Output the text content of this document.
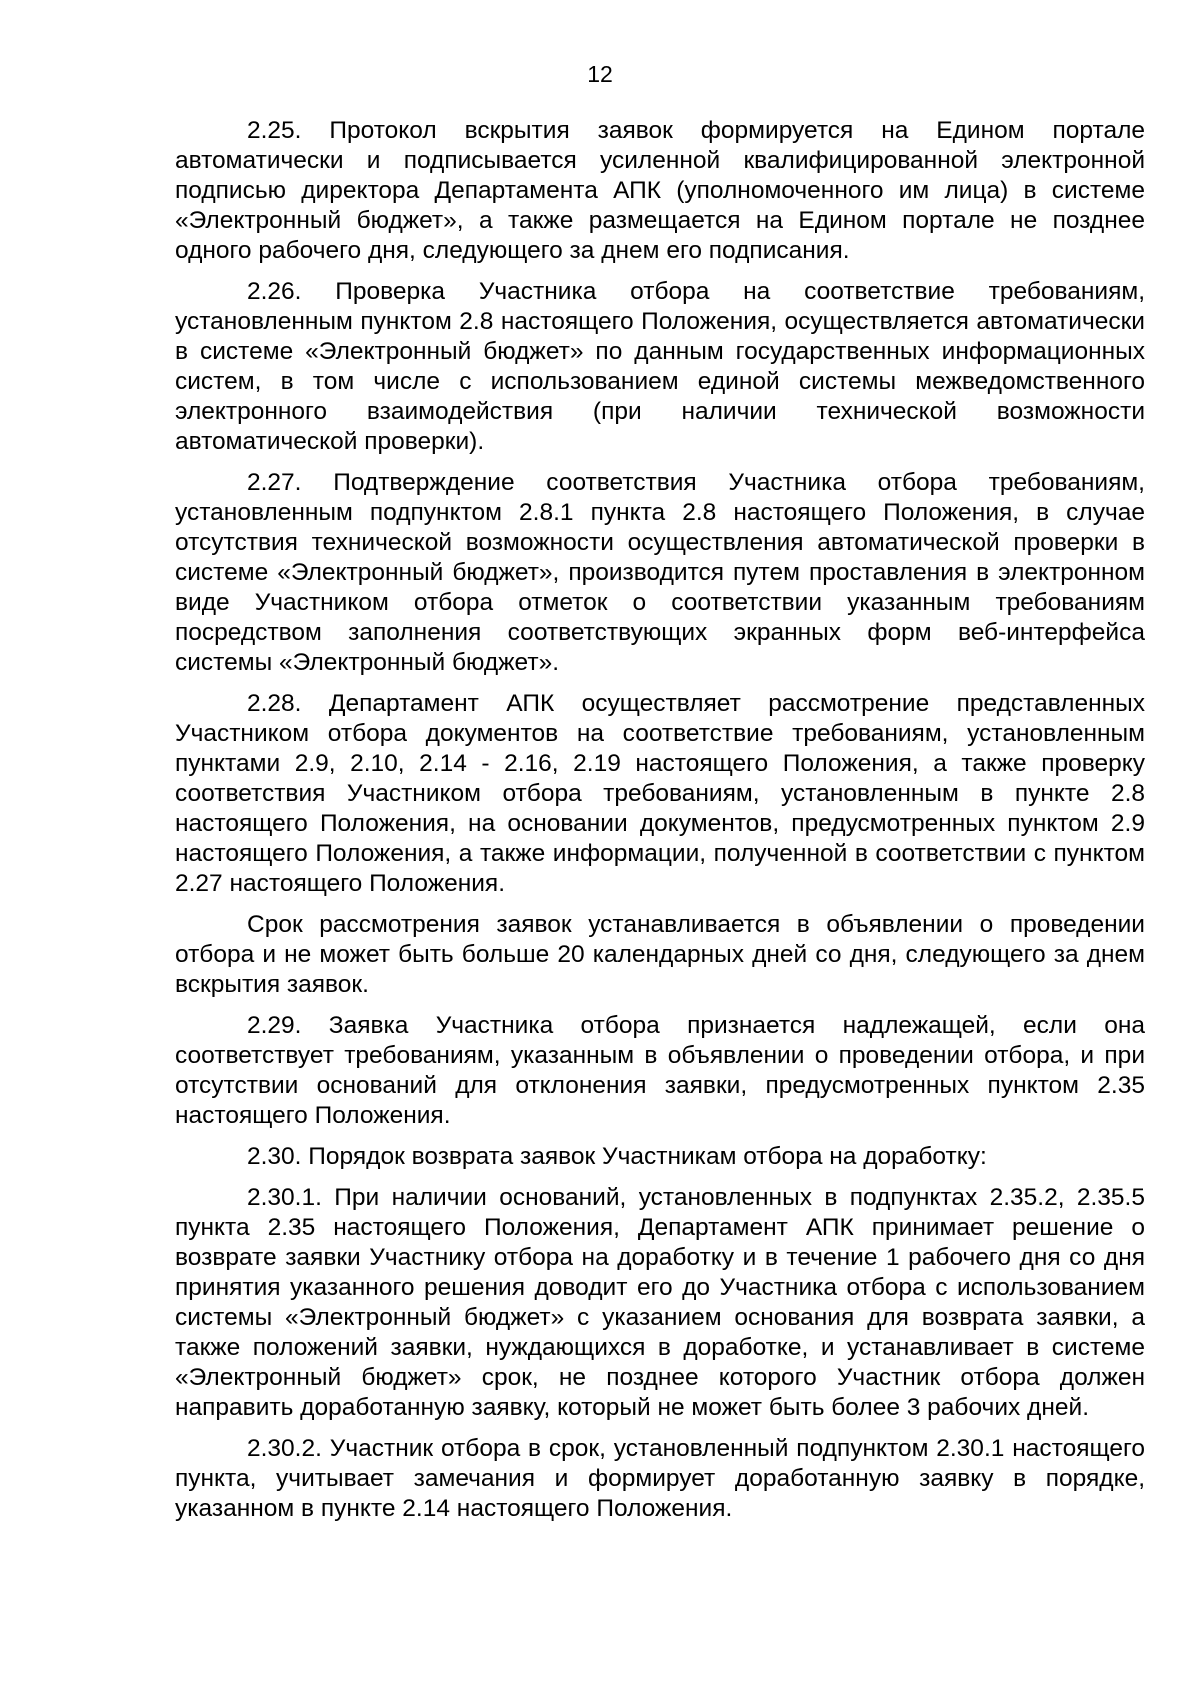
12

2.25. Протокол вскрытия заявок формируется на Едином портале автоматически и подписывается усиленной квалифицированной электронной подписью директора Департамента АПК (уполномоченного им лица) в системе «Электронный бюджет», а также размещается на Едином портале не позднее одного рабочего дня, следующего за днем его подписания.

2.26. Проверка Участника отбора на соответствие требованиям, установленным пунктом 2.8 настоящего Положения, осуществляется автоматически в системе «Электронный бюджет» по данным государственных информационных систем, в том числе с использованием единой системы межведомственного электронного взаимодействия (при наличии технической возможности автоматической проверки).

2.27. Подтверждение соответствия Участника отбора требованиям, установленным подпунктом 2.8.1 пункта 2.8 настоящего Положения, в случае отсутствия технической возможности осуществления автоматической проверки в системе «Электронный бюджет», производится путем проставления в электронном виде Участником отбора отметок о соответствии указанным требованиям посредством заполнения соответствующих экранных форм веб-интерфейса системы «Электронный бюджет».

2.28. Департамент АПК осуществляет рассмотрение представленных Участником отбора документов на соответствие требованиям, установленным пунктами 2.9, 2.10, 2.14 - 2.16, 2.19 настоящего Положения, а также проверку соответствия Участником отбора требованиям, установленным в пункте 2.8 настоящего Положения, на основании документов, предусмотренных пунктом 2.9 настоящего Положения, а также информации, полученной в соответствии с пунктом 2.27 настоящего Положения.

Срок рассмотрения заявок устанавливается в объявлении о проведении отбора и не может быть больше 20 календарных дней со дня, следующего за днем вскрытия заявок.

2.29. Заявка Участника отбора признается надлежащей, если она соответствует требованиям, указанным в объявлении о проведении отбора, и при отсутствии оснований для отклонения заявки, предусмотренных пунктом 2.35 настоящего Положения.

2.30. Порядок возврата заявок Участникам отбора на доработку:

2.30.1. При наличии оснований, установленных в подпунктах 2.35.2, 2.35.5 пункта 2.35 настоящего Положения, Департамент АПК принимает решение о возврате заявки Участнику отбора на доработку и в течение 1 рабочего дня со дня принятия указанного решения доводит его до Участника отбора с использованием системы «Электронный бюджет» с указанием основания для возврата заявки, а также положений заявки, нуждающихся в доработке, и устанавливает в системе «Электронный бюджет» срок, не позднее которого Участник отбора должен направить доработанную заявку, который не может быть более 3 рабочих дней.

2.30.2. Участник отбора в срок, установленный подпунктом 2.30.1 настоящего пункта, учитывает замечания и формирует доработанную заявку в порядке, указанном в пункте 2.14 настоящего Положения.
